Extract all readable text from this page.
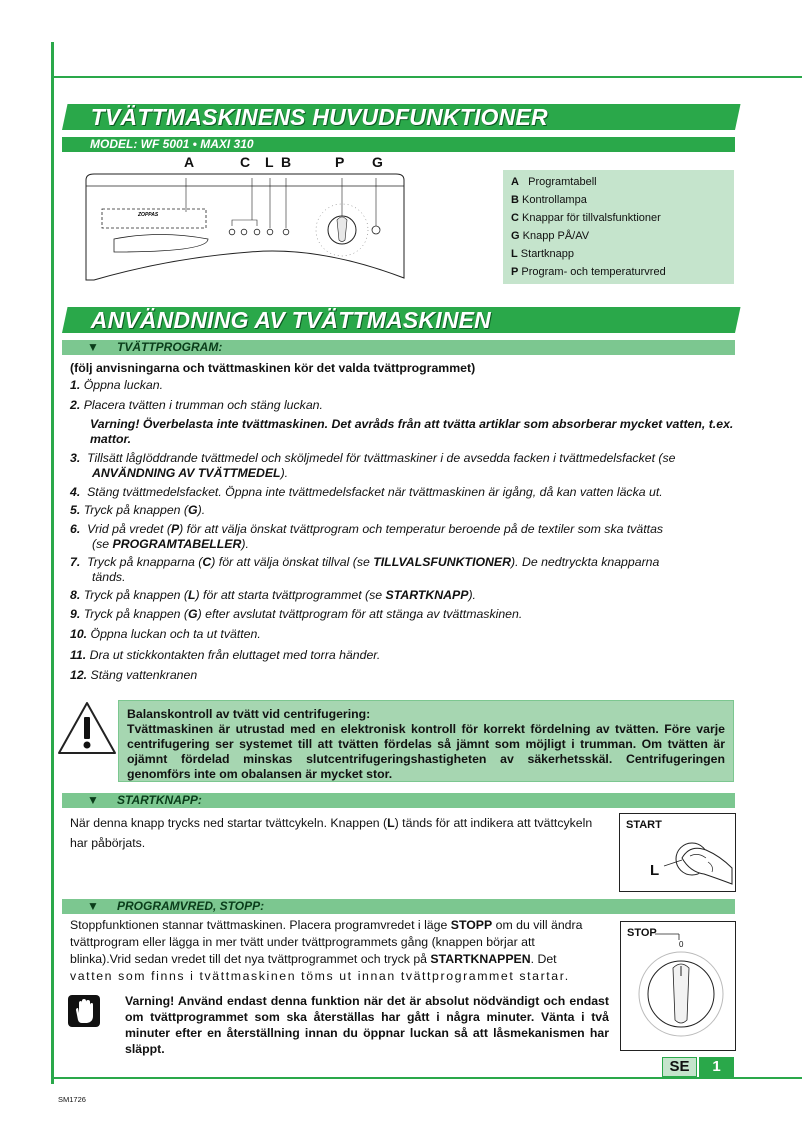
TVÄTTMASKINENS HUVUDFUNKTIONER
MODEL: WF 5001 • MAXI 310
A	C L B	P G
ZOPPAS
A Programtabell
B Kontrollampa
C Knappar för tillvalsfunktioner
G Knapp PÅ/AV
L Startknapp
P Program- och temperaturvred
ANVÄNDNING AV TVÄTTMASKINEN
▼ TVÄTTPROGRAM:
(följ anvisningarna och tvättmaskinen kör det valda tvättprogrammet)
1. Öppna luckan.
2. Placera tvätten i trumman och stäng luckan.
Varning! Överbelasta inte tvättmaskinen. Det avråds från att tvätta artiklar som absorberar mycket vatten, t.ex. mattor.
3. Tillsätt lågIöddrande tvättmedel och sköljmedel för tvättmaskiner i de avsedda facken i tvättmedelsfacket (se
ANVÄNDNING AV TVÄTTMEDEL).
4. Stäng tvättmedelsfacket. Öppna inte tvättmedelsfacket när tvättmaskinen är igång, då kan vatten läcka ut.
5. Tryck på knappen (G).
6. Vrid på vredet (P) för att välja önskat tvättprogram och temperatur beroende på de textiler som ska tvättas
(se PROGRAMTABELLER).
7. Tryck på knapparna (C) för att välja önskat tillval (se TILLVALSFUNKTIONER). De nedtryckta knapparna
tänds.
8. Tryck på knappen (L) för att starta tvättprogrammet (se STARTKNAPP).
9. Tryck på knappen (G) efter avslutat tvättprogram för att stänga av tvättmaskinen.
10. Öppna luckan och ta ut tvätten.
11. Dra ut stickkontakten från eluttaget med torra händer.
12. Stäng vattenkranen
Balanskontroll av tvätt vid centrifugering:
Tvättmaskinen är utrustad med en elektronisk kontroll för korrekt fördelning av tvätten. Före varje centrifugering ser systemet till att tvätten fördelas så jämnt som möjligt i trumman. Om tvätten är ojämnt fördelad minskas slutcentrifugeringshastigheten av säkerhetsskäl. Centrifugeringen genomförs inte om obalansen är mycket stor.
▼ STARTKNAPP:
När denna knapp trycks ned startar tvättcykeln. Knappen (L) tänds för att indikera att tvättcykeln
har påbörjats.
START
L
▼ PROGRAMVRED, STOPP:
Stoppfunktionen stannar tvättmaskinen. Placera programvredet i läge STOPP om du vill ändra
tvättprogram eller lägga in mer tvätt under tvättprogrammets gång (knappen börjar att
blinka).Vrid sedan vredet till det nya tvättprogrammet och tryck på STARTKNAPPEN. Det
vatten som finns i tvättmaskinen töms ut innan tvättprogrammet startar.
STOP
0
Varning! Använd endast denna funktion när det är absolut nödvändigt och endast om tvättprogrammet som ska återställas har gått i några minuter. Vänta i två minuter efter en återställning innan du öppnar luckan så att låsmekanismen har släppt.
SE	1
SM1726
